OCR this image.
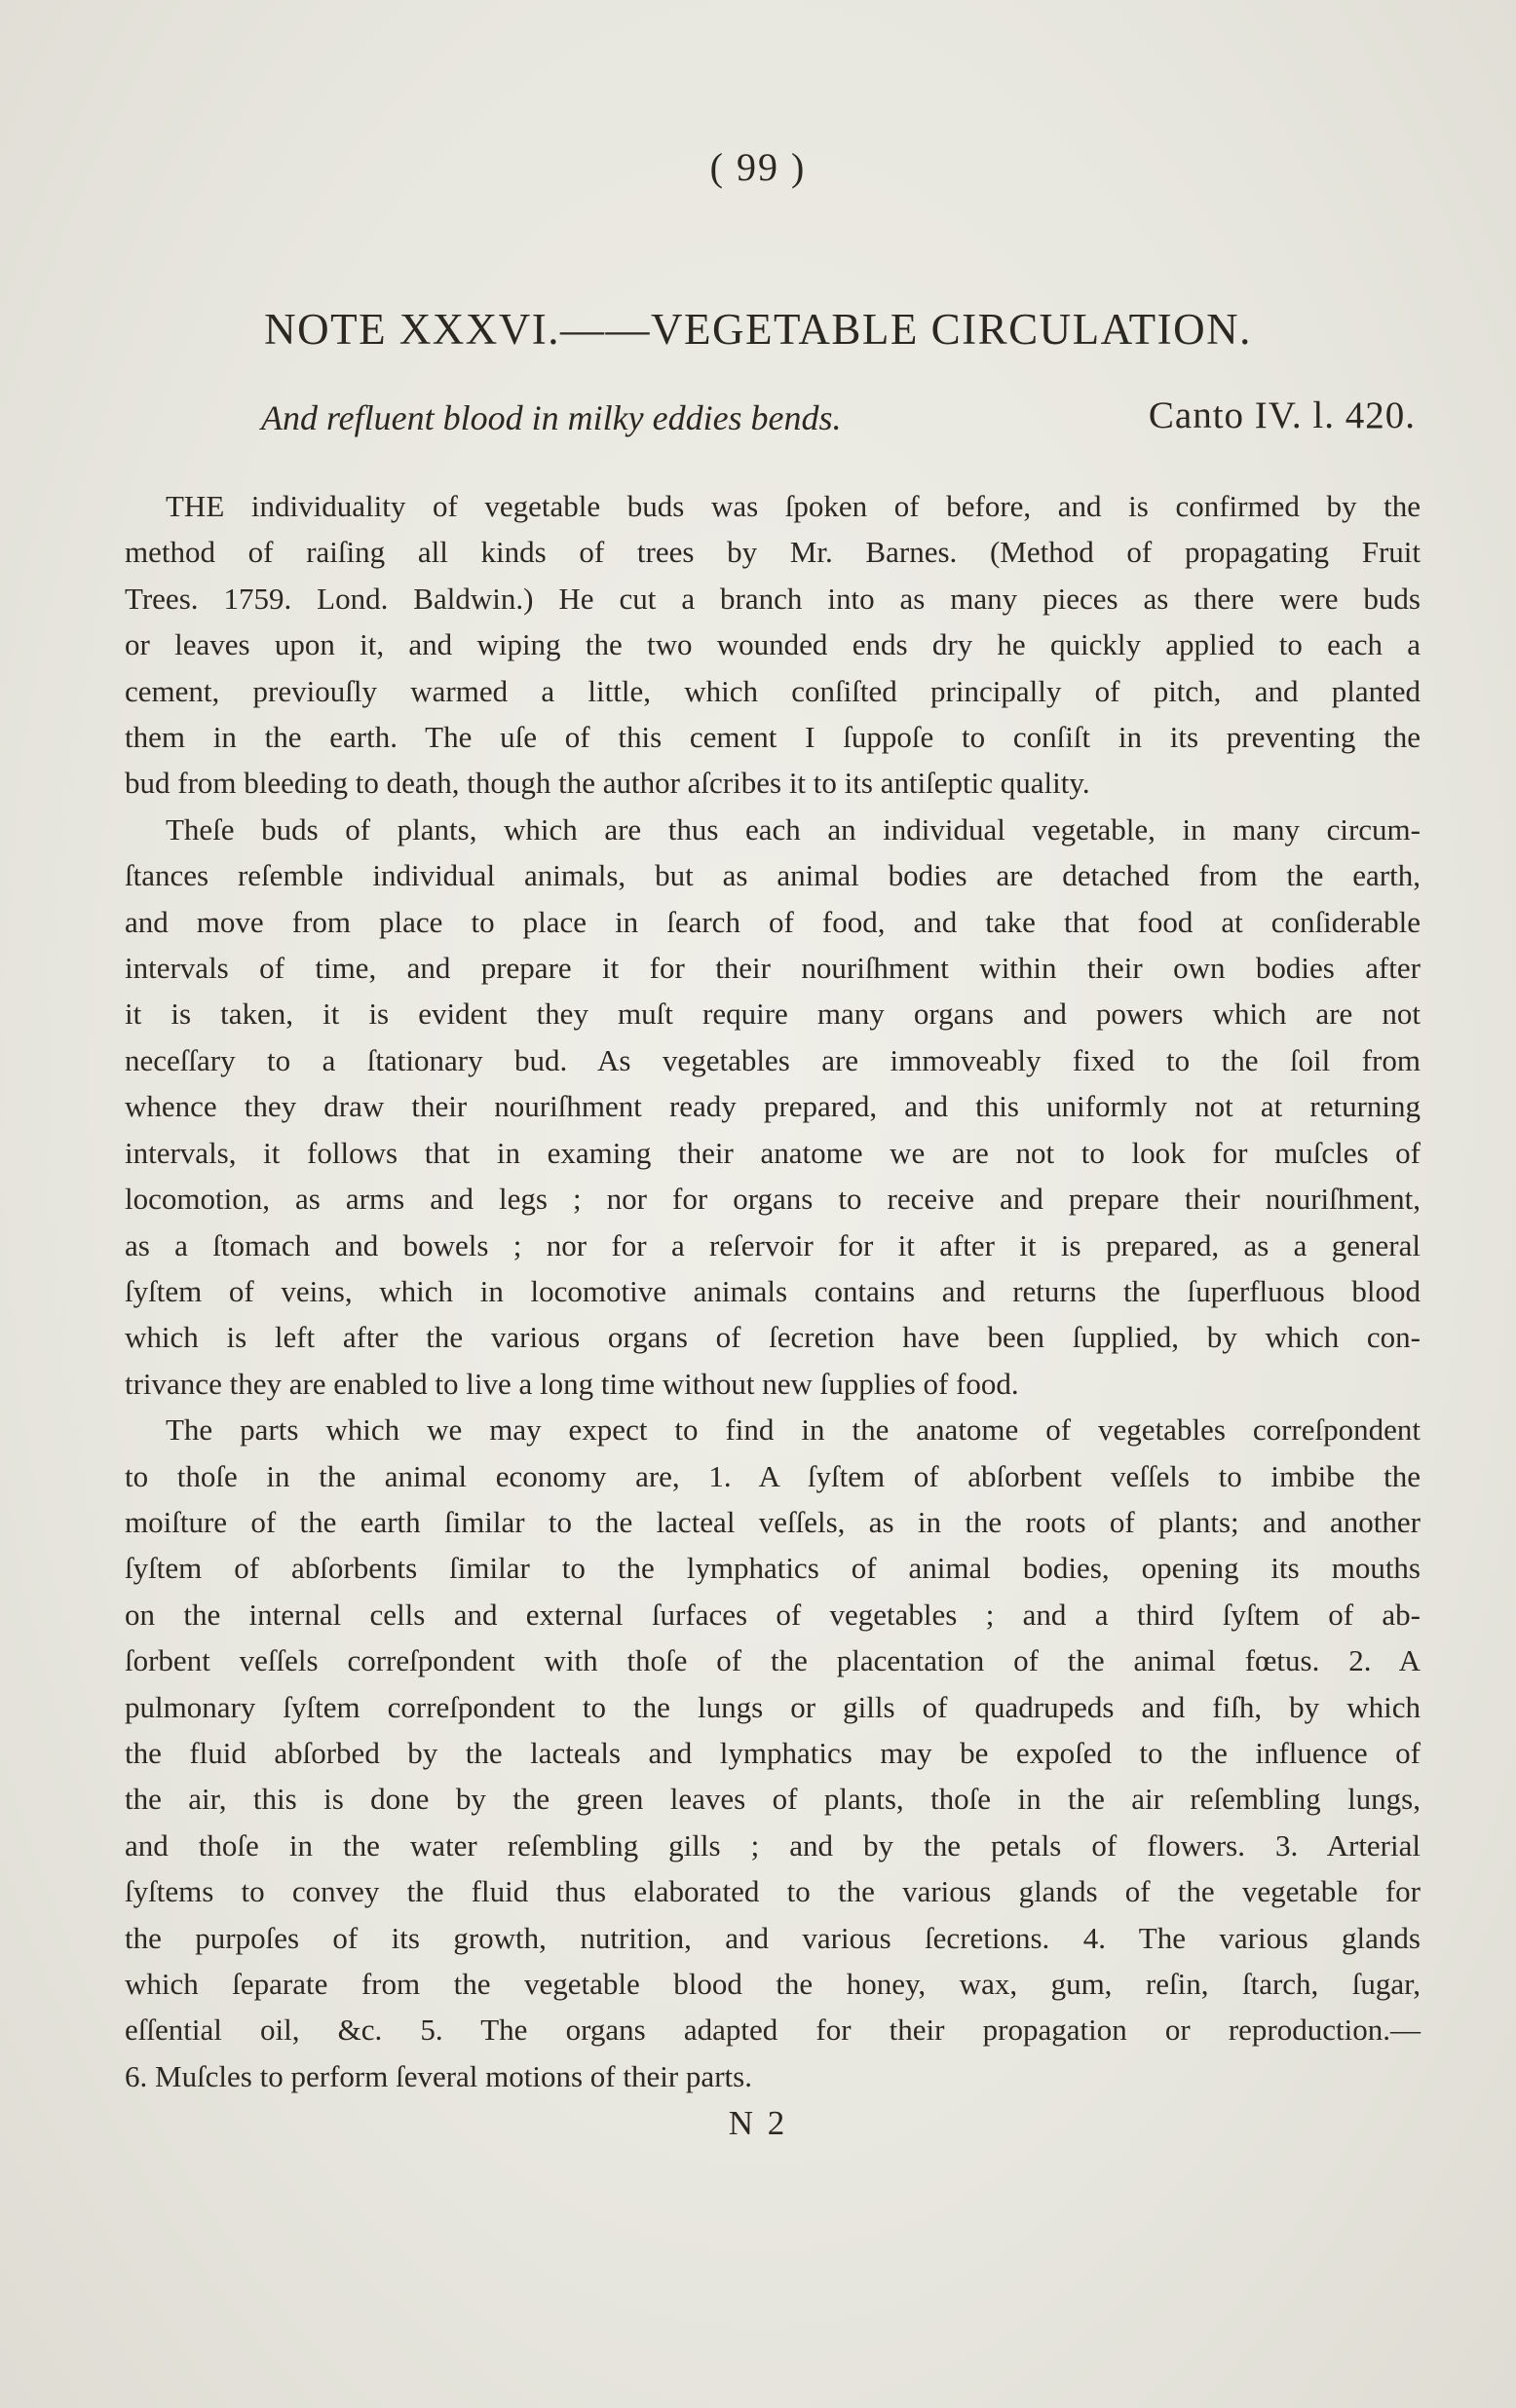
( 99 )
NOTE XXXVI.——VEGETABLE CIRCULATION.
And refluent blood in milky eddies bends.	Canto IV. l. 420.
THE individuality of vegetable buds was ſpoken of before, and is confirmed by the
method of raiſing all kinds of trees by Mr. Barnes. (Method of propagating Fruit
Trees. 1759. Lond. Baldwin.) He cut a branch into as many pieces as there were buds
or leaves upon it, and wiping the two wounded ends dry he quickly applied to each a
cement, previouſly warmed a little, which conſiſted principally of pitch, and planted
them in the earth. The uſe of this cement I ſuppoſe to conſiſt in its preventing the
bud from bleeding to death, though the author aſcribes it to its antiſeptic quality.
Theſe buds of plants, which are thus each an individual vegetable, in many circum-
ſtances reſemble individual animals, but as animal bodies are detached from the earth,
and move from place to place in ſearch of food, and take that food at conſiderable
intervals of time, and prepare it for their nouriſhment within their own bodies after
it is taken, it is evident they muſt require many organs and powers which are not
neceſſary to a ſtationary bud. As vegetables are immoveably fixed to the ſoil from
whence they draw their nouriſhment ready prepared, and this uniformly not at returning
intervals, it follows that in examing their anatome we are not to look for muſcles of
locomotion, as arms and legs ; nor for organs to receive and prepare their nouriſhment,
as a ſtomach and bowels ; nor for a reſervoir for it after it is prepared, as a general
ſyſtem of veins, which in locomotive animals contains and returns the ſuperfluous blood
which is left after the various organs of ſecretion have been ſupplied, by which con-
trivance they are enabled to live a long time without new ſupplies of food.
The parts which we may expect to find in the anatome of vegetables correſpondent
to thoſe in the animal economy are, 1. A ſyſtem of abſorbent veſſels to imbibe the
moiſture of the earth ſimilar to the lacteal veſſels, as in the roots of plants; and another
ſyſtem of abſorbents ſimilar to the lymphatics of animal bodies, opening its mouths
on the internal cells and external ſurfaces of vegetables ; and a third ſyſtem of ab-
ſorbent veſſels correſpondent with thoſe of the placentation of the animal fœtus. 2. A
pulmonary ſyſtem correſpondent to the lungs or gills of quadrupeds and fiſh, by which
the fluid abſorbed by the lacteals and lymphatics may be expoſed to the influence of
the air, this is done by the green leaves of plants, thoſe in the air reſembling lungs,
and thoſe in the water reſembling gills ; and by the petals of flowers. 3. Arterial
ſyſtems to convey the fluid thus elaborated to the various glands of the vegetable for
the purpoſes of its growth, nutrition, and various ſecretions. 4. The various glands
which ſeparate from the vegetable blood the honey, wax, gum, reſin, ſtarch, ſugar,
eſſential oil, &c. 5. The organs adapted for their propagation or reproduction.—
6. Muſcles to perform ſeveral motions of their parts.
N 2
